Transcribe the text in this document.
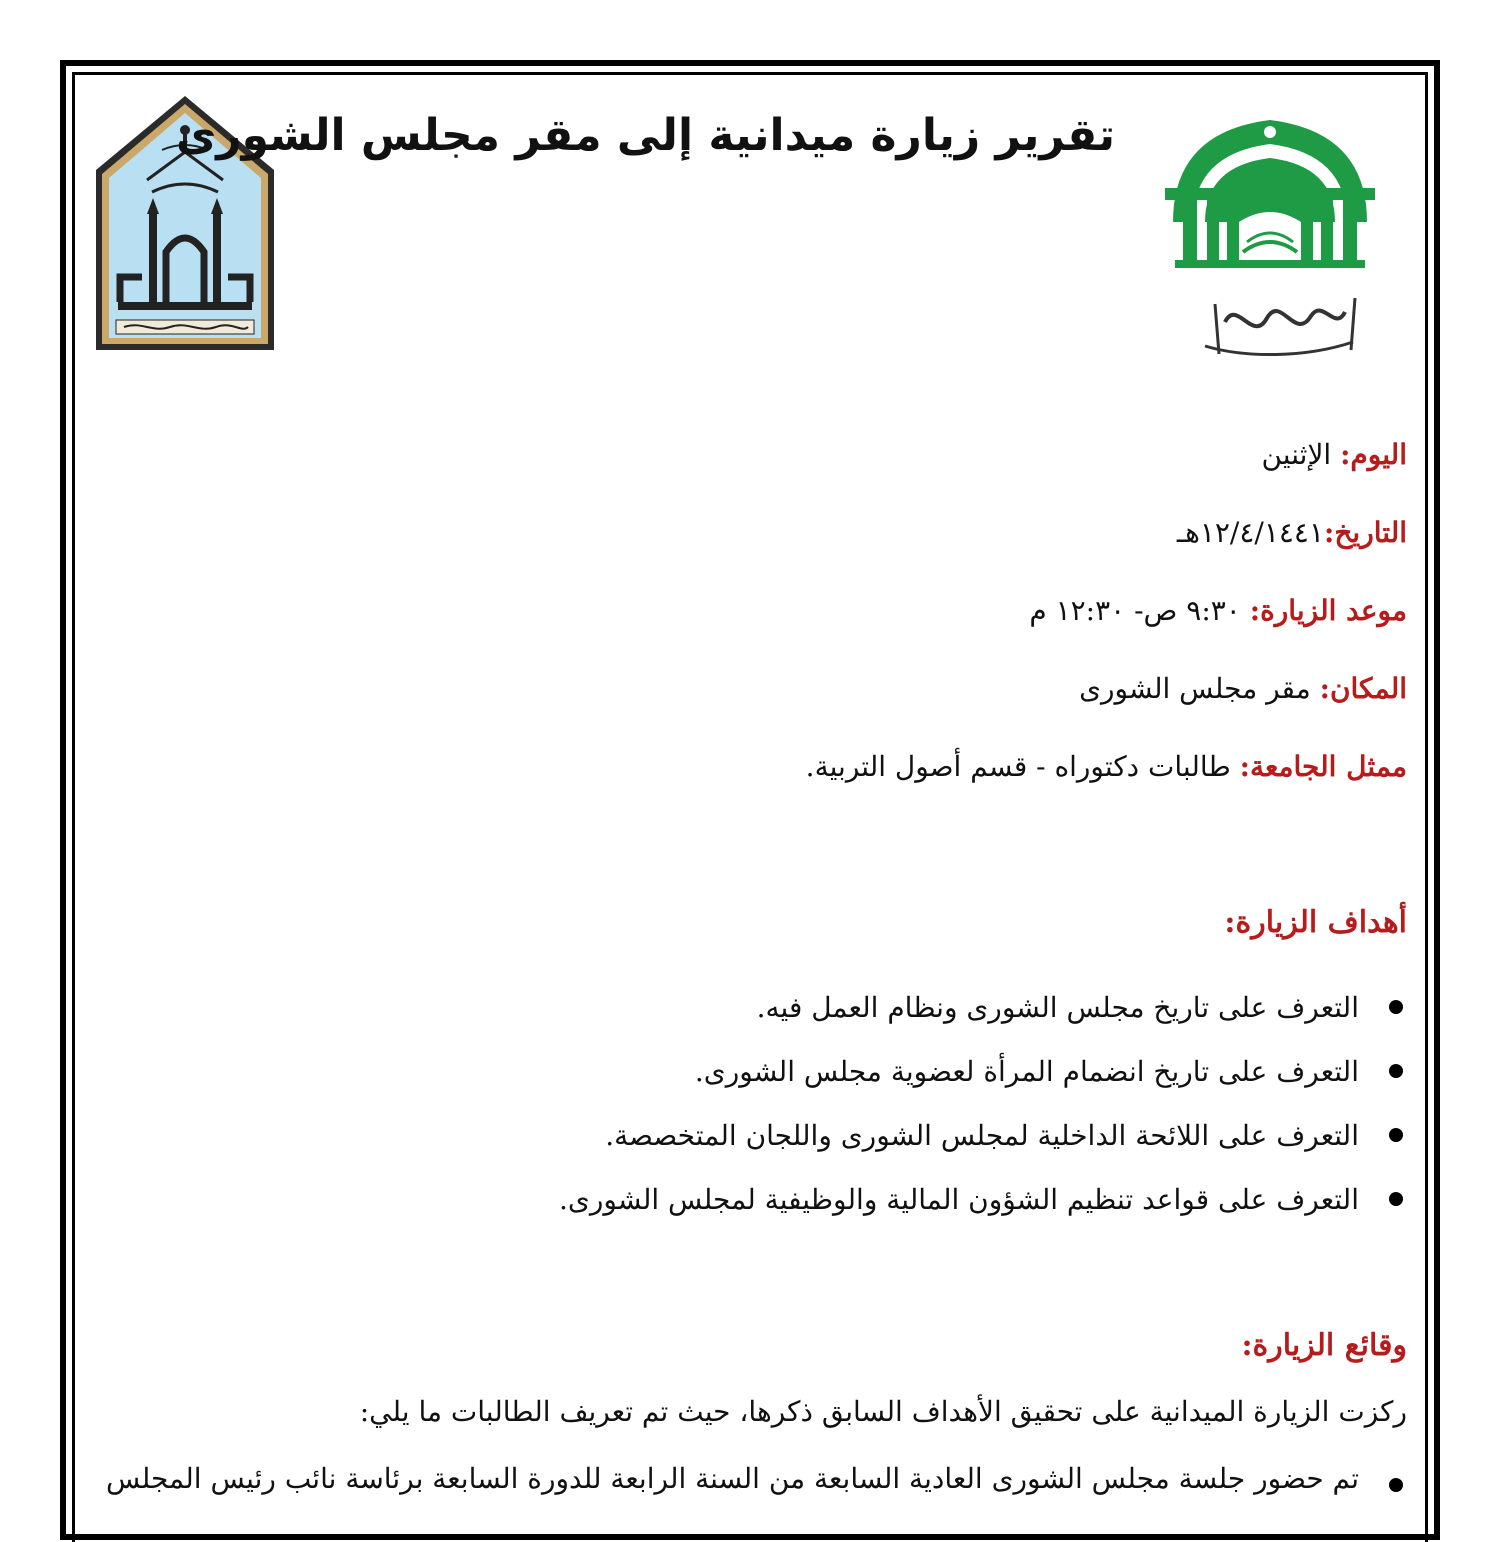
تقرير زيارة ميدانية إلى مقر مجلس الشورى
اليوم: الإثنين
التاريخ:١٢/٤/١٤٤١هـ
موعد الزيارة: ٩:٣٠ ص- ١٢:٣٠ م
المكان: مقر مجلس الشورى
ممثل الجامعة: طالبات دكتوراه - قسم أصول التربية.
أهداف الزيارة:
التعرف على تاريخ مجلس الشورى ونظام العمل فيه.
التعرف على تاريخ انضمام المرأة لعضوية مجلس الشورى.
التعرف على اللائحة الداخلية لمجلس الشورى واللجان المتخصصة.
التعرف على قواعد تنظيم الشؤون المالية والوظيفية لمجلس الشورى.
وقائع الزيارة:

ركزت الزيارة الميدانية على تحقيق الأهداف السابق ذكرها، حيث تم تعريف الطالبات ما يلي:

تم حضور جلسة مجلس الشورى العادية السابعة من السنة الرابعة للدورة السابعة برئاسة نائب رئيس المجلس
